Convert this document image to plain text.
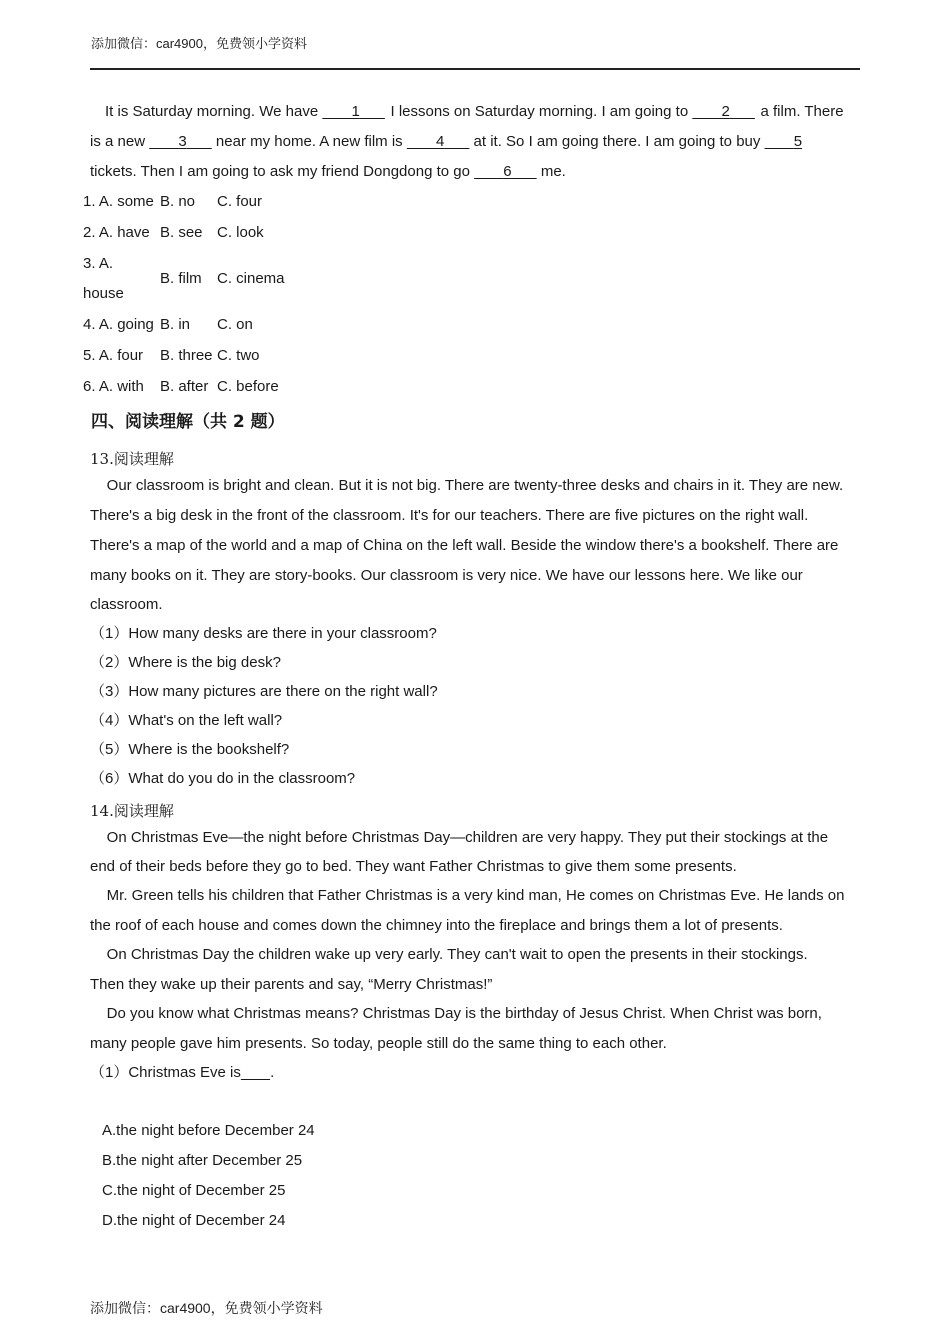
添加微信：car4900，免费领小学资料
It is Saturday morning. We have        1       I lessons on Saturday morning. I am going to        2       a film. There
is a new        3       near my home. A new film is        4       at it. So I am going there. I am going to buy        5
tickets. Then I am going to ask my friend Dongdong to go        6       me.
1. A. some B. no C. four
2. A. have B. see C. look
3. A.
house
B. film C. cinema
4. A. going B. in C. on
5. A. four B. three C. two
6. A. with B. after C. before
四、阅读理解（共 2 题）
13.阅读理解
Our classroom is bright and clean. But it is not big. There are twenty-three desks and chairs in it. They are new.
There's a big desk in the front of the classroom. It's for our teachers. There are five pictures on the right wall.
There's a map of the world and a map of China on the left wall. Beside the window there's a bookshelf. There are
many books on it. They are story-books. Our classroom is very nice. We have our lessons here. We like our
classroom.
（1）How many desks are there in your classroom?
（2）Where is the big desk?
（3）How many pictures are there on the right wall?
（4）What's on the left wall?
（5）Where is the bookshelf?
（6）What do you do in the classroom?
14.阅读理解
On Christmas Eve—the night before Christmas Day—children are very happy. They put their stockings at the
end of their beds before they go to bed. They want Father Christmas to give them some presents.
Mr. Green tells his children that Father Christmas is a very kind man, He comes on Christmas Eve. He lands on
the roof of each house and comes down the chimney into the fireplace and brings them a lot of presents.
On Christmas Day the children wake up very early. They can't wait to open the presents in their stockings.
Then they wake up their parents and say, “Merry Christmas!”
Do you know what Christmas means? Christmas Day is the birthday of Jesus Christ. When Christ was born,
many people gave him presents. So today, people still do the same thing to each other.
（1）Christmas Eve is .
A.the night before December 24
B.the night after December 25
C.the night of December 25
D.the night of December 24
添加微信：car4900，免费领小学资料
